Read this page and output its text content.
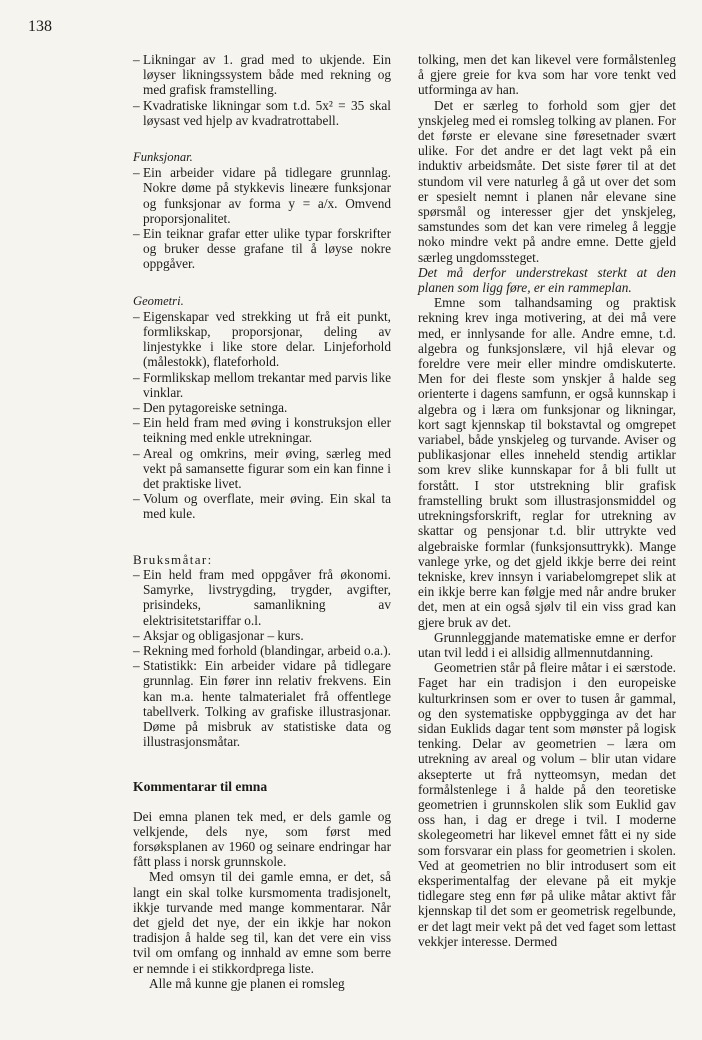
138
– Likningar av 1. grad med to ukjende. Ein løyser likningssystem både med rekning og med grafisk framstelling.
– Kvadratiske likningar som t.d. 5x² = 35 skal løysast ved hjelp av kvadratrottabell.

Funksjonar.

– Ein arbeider vidare på tidlegare grunnlag. Nokre døme på stykkevis lineære funksjonar og funksjonar av forma y = a/x. Omvend proporsjonalitet.
– Ein teiknar grafar etter ulike typar forskrifter og bruker desse grafane til å løyse nokre oppgåver.

Geometri.

– Eigenskapar ved strekking ut frå eit punkt, formlikskap, proporsjonar, deling av linjestykke i like store delar. Linjeforhold (målestokk), flateforhold.
– Formlikskap mellom trekantar med parvis like vinklar.
– Den pytagoreiske setninga.
– Ein held fram med øving i konstruksjon eller teikning med enkle utrekningar.
– Areal og omkrins, meir øving, særleg med vekt på samansette figurar som ein kan finne i det praktiske livet.
– Volum og overflate, meir øving. Ein skal ta med kule.

Bruksmåtar:

– Ein held fram med oppgåver frå økonomi. Samyrke, livstrygding, trygder, avgifter, prisindeks, samanlikning av elektrisitetstariffar o.l.
– Aksjar og obligasjonar – kurs.
– Rekning med forhold (blandingar, arbeid o.a.).
– Statistikk: Ein arbeider vidare på tidlegare grunnlag. Ein fører inn relativ frekvens. Ein kan m.a. hente talmaterialet frå offentlege tabellverk. Tolking av grafiske illustrasjonar. Døme på misbruk av statistiske data og illustrasjonsmåtar.

Kommentarar til emna

Dei emna planen tek med, er dels gamle og velkjende, dels nye, som først med forsøksplanen av 1960 og seinare endringar har fått plass i norsk grunnskole.

Med omsyn til dei gamle emna, er det, så langt ein skal tolke kursmomenta tradisjonelt, ikkje turvande med mange kommentarar. Når det gjeld det nye, der ein ikkje har nokon tradisjon å halde seg til, kan det vere ein viss tvil om omfang og innhald av emne som berre er nemnde i ei stikkordprega liste.

Alle må kunne gje planen ei romsleg

tolking, men det kan likevel vere formålstenleg å gjere greie for kva som har vore tenkt ved utforminga av han.

Det er særleg to forhold som gjer det ynskjeleg med ei romsleg tolking av planen. For det første er elevane sine føresetnader svært ulike. For det andre er det lagt vekt på ein induktiv arbeidsmåte. Det siste fører til at det stundom vil vere naturleg å gå ut over det som er spesielt nemnt i planen når elevane sine spørsmål og interesser gjer det ynskjeleg, samstundes som det kan vere rimeleg å leggje noko mindre vekt på andre emne. Dette gjeld særleg ungdomssteget.

Det må derfor understrekast sterkt at den planen som ligg føre, er ein rammeplan.

Emne som talhandsaming og praktisk rekning krev inga motivering, at dei må vere med, er innlysande for alle. Andre emne, t.d. algebra og funksjonslære, vil hjå elevar og foreldre vere meir eller mindre omdiskuterte. Men for dei fleste som ynskjer å halde seg orienterte i dagens samfunn, er også kunnskap i algebra og i læra om funksjonar og likningar, kort sagt kjennskap til bokstavtal og omgrepet variabel, både ynskjeleg og turvande. Aviser og publikasjonar elles inneheld stendig artiklar som krev slike kunnskapar for å bli fullt ut forstått. I stor utstrekning blir grafisk framstelling brukt som illustrasjonsmiddel og utrekningsforskrift, reglar for utrekning av skattar og pensjonar t.d. blir uttrykte ved algebraiske formlar (funksjonsuttrykk). Mange vanlege yrke, og det gjeld ikkje berre dei reint tekniske, krev innsyn i variabelomgrepet slik at ein ikkje berre kan følgje med når andre bruker det, men at ein også sjølv til ein viss grad kan gjere bruk av det.

Grunnleggjande matematiske emne er derfor utan tvil ledd i ei allsidig allmennutdanning.

Geometrien står på fleire måtar i ei særstode. Faget har ein tradisjon i den europeiske kulturkrinsen som er over to tusen år gammal, og den systematiske oppbygginga av det har sidan Euklids dagar tent som mønster på logisk tenking. Delar av geometrien – læra om utrekning av areal og volum – blir utan vidare aksepterte ut frå nytteomsyn, medan det formålstenlege i å halde på den teoretiske geometrien i grunnskolen slik som Euklid gav oss han, i dag er drege i tvil. I moderne skolegeometri har likevel emnet fått ei ny side som forsvarar ein plass for geometrien i skolen. Ved at geometrien no blir introdusert som eit eksperimentalfag der elevane på eit mykje tidlegare steg enn før på ulike måtar aktivt får kjennskap til det som er geometrisk regelbunde, er det lagt meir vekt på det ved faget som lettast vekkjer interesse. Dermed
